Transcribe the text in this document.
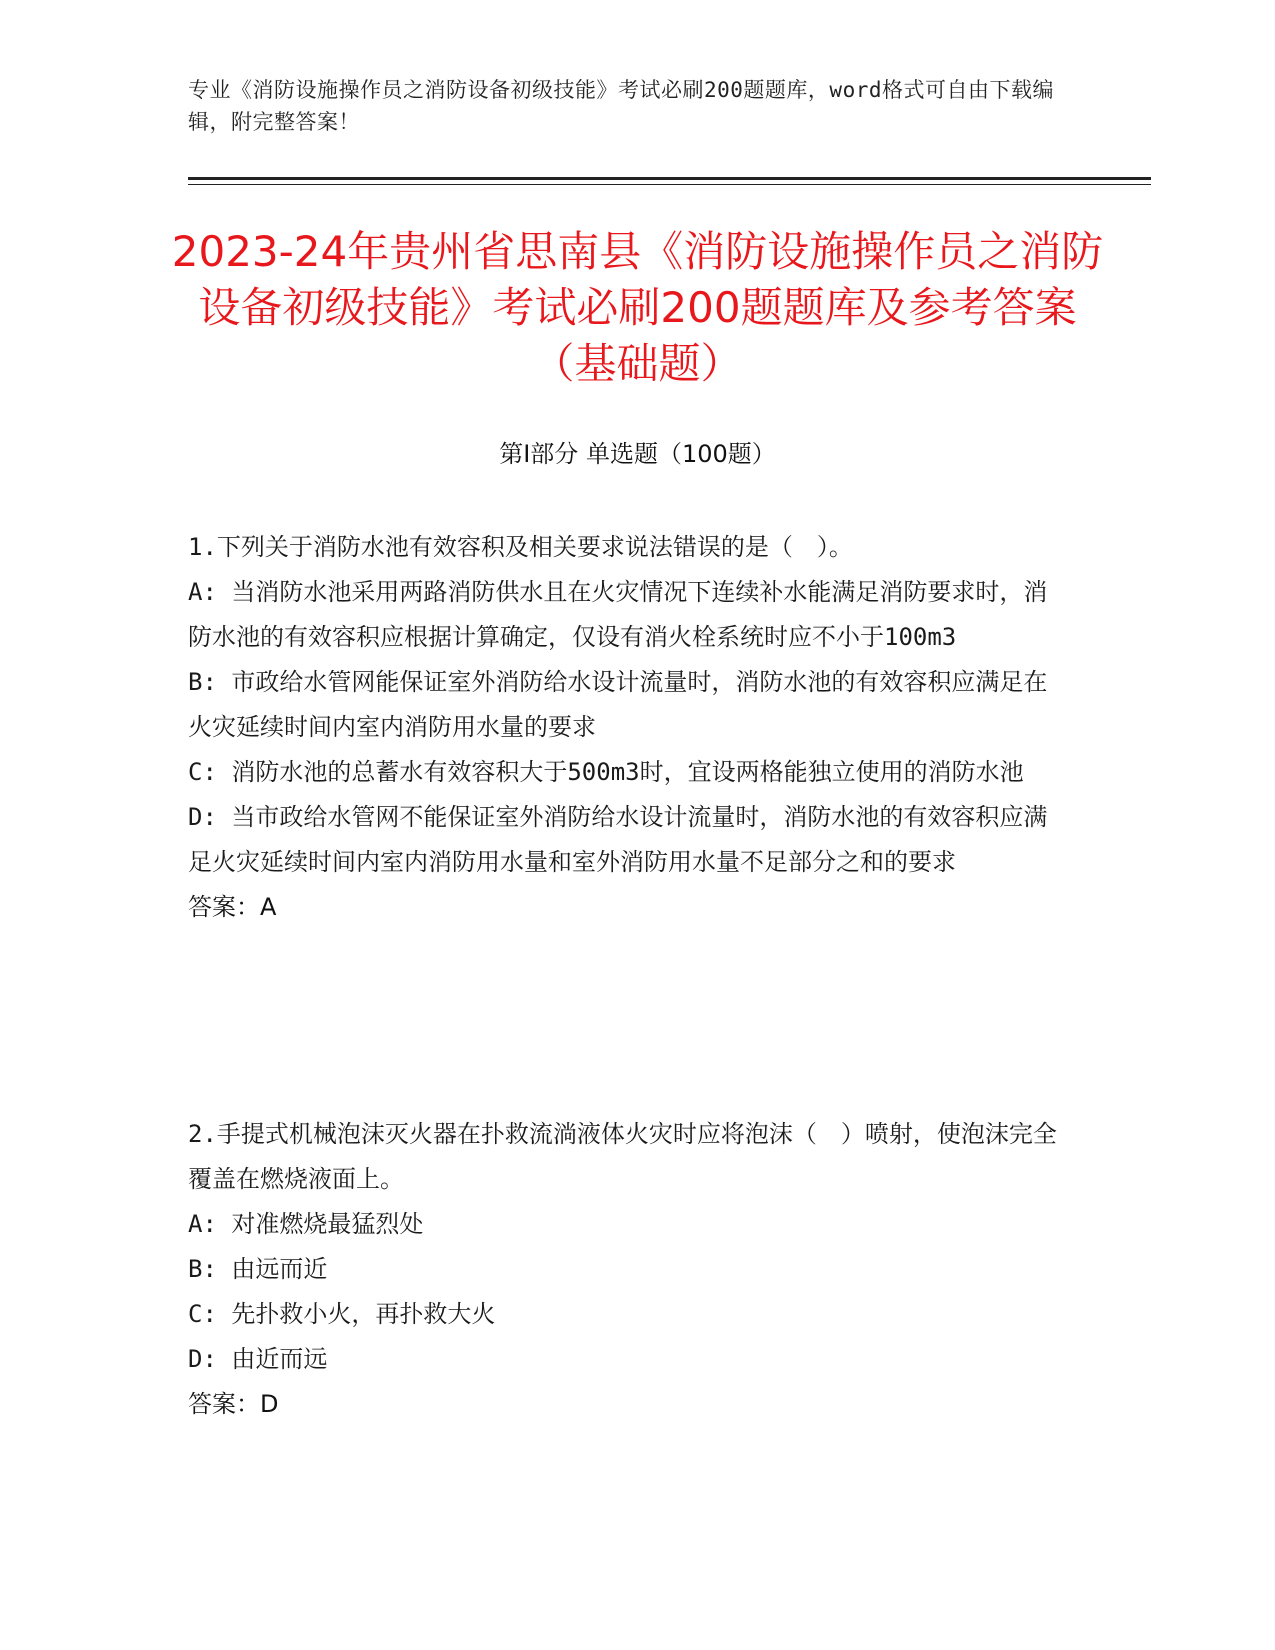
专业《消防设施操作员之消防设备初级技能》考试必刷200题题库，word格式可自由下载编辑，附完整答案！
2023-24年贵州省思南县《消防设施操作员之消防设备初级技能》考试必刷200题题库及参考答案（基础题）
第I部分 单选题（100题）
1.下列关于消防水池有效容积及相关要求说法错误的是（　）。
A: 当消防水池采用两路消防供水且在火灾情况下连续补水能满足消防要求时，消防水池的有效容积应根据计算确定，仅设有消火栓系统时应不小于100m3
B: 市政给水管网能保证室外消防给水设计流量时，消防水池的有效容积应满足在火灾延续时间内室内消防用水量的要求
C: 消防水池的总蓄水有效容积大于500m3时，宜设两格能独立使用的消防水池
D: 当市政给水管网不能保证室外消防给水设计流量时，消防水池的有效容积应满足火灾延续时间内室内消防用水量和室外消防用水量不足部分之和的要求
答案：A
2.手提式机械泡沫灭火器在扑救流淌液体火灾时应将泡沫（　）喷射，使泡沫完全覆盖在燃烧液面上。
A: 对准燃烧最猛烈处
B: 由远而近
C: 先扑救小火，再扑救大火
D: 由近而远
答案：D
